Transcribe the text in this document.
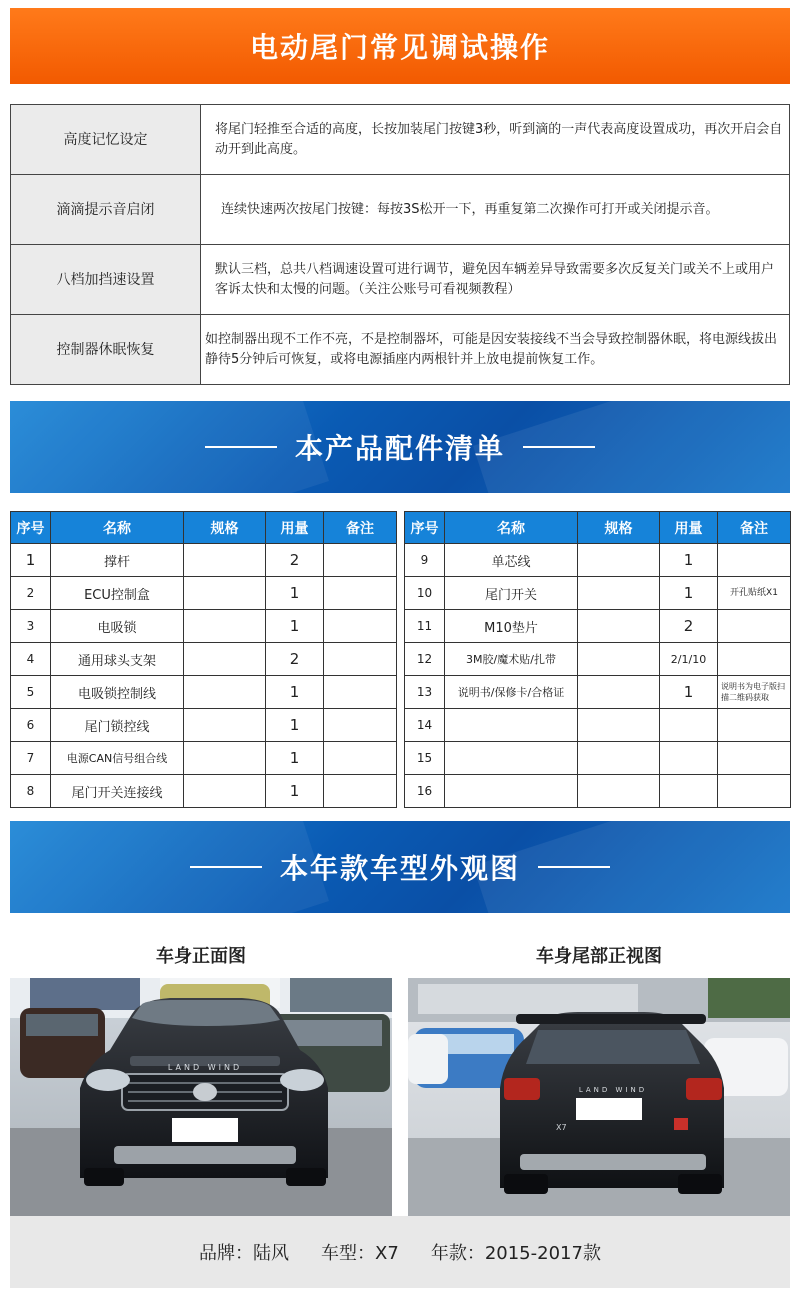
电动尾门常见调试操作
高度记忆设定	将尾门轻推至合适的高度，长按加装尾门按键3秒，听到滴的一声代表高度设置成功，再次开启会自动开到此高度。
滴滴提示音启闭	连续快速两次按尾门按键：每按3S松开一下，再重复第二次操作可打开或关闭提示音。
八档加挡速设置	默认三档，总共八档调速设置可进行调节，避免因车辆差异导致需要多次反复关门或关不上或用户客诉太快和太慢的问题。（关注公账号可看视频教程）
控制器休眠恢复	如控制器出现不工作不亮，不是控制器坏，可能是因安装接线不当会导致控制器休眠，将电源线拔出静待5分钟后可恢复，或将电源插座内两根针并上放电提前恢复工作。
本产品配件清单
序号	名称	规格	用量	备注
1	撑杆		2	
2	ECU控制盒		1	
3	电吸锁		1	
4	通用球头支架		2	
5	电吸锁控制线		1	
6	尾门锁控线		1	
7	电源CAN信号组合线		1	
8	尾门开关连接线		1	
序号	名称	规格	用量	备注
9	单芯线		1	
10	尾门开关		1	开孔贴纸X1
11	M10垫片		2	
12	3M胶/魔术贴/扎带		2/1/10	
13	说明书/保修卡/合格证		1	说明书为电子版扫描二维码获取
14				
15				
16				
本年款车型外观图
车身正面图	车身尾部正视图
LAND WIND
LAND WIND
X7
品牌：陆风 车型：X7 年款：2015-2017款
